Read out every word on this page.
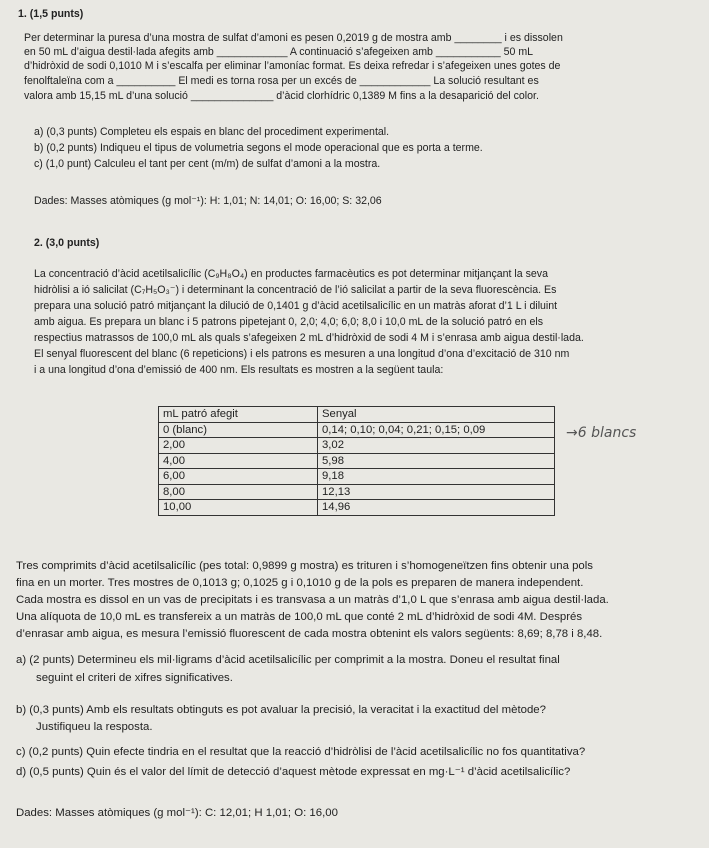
1. (1,5 punts)
Per determinar la puresa d’una mostra de sulfat d’amoni es pesen 0,2019 g de mostra amb ________ i es dissolen
en 50 mL d’aigua destil·lada afegits amb ____________ A continuació s’afegeixen amb ___________ 50 mL
d’hidròxid de sodi 0,1010 M i s’escalfa per eliminar l’amoníac format. Es deixa refredar i s’afegeixen unes gotes de
fenolftaleïna com a __________ El medi es torna rosa per un excés de ____________ La solució resultant es
valora amb 15,15 mL d’una solució ______________ d’àcid clorhídric 0,1389 M fins a la desaparició del color.
a) (0,3 punts) Completeu els espais en blanc del procediment experimental.
b) (0,2 punts) Indiqueu el tipus de volumetria segons el mode operacional que es porta a terme.
c) (1,0 punt) Calculeu el tant per cent (m/m) de sulfat d’amoni a la mostra.
Dades: Masses atòmiques (g mol⁻¹): H: 1,01; N: 14,01; O: 16,00; S: 32,06
2. (3,0 punts)
La concentració d’àcid acetilsalicílic (C₉H₈O₄) en productes farmacèutics es pot determinar mitjançant la seva
hidròlisi a ió salicilat (C₇H₅O₃⁻) i determinant la concentració de l’ió salicilat a partir de la seva fluorescència. Es
prepara una solució patró mitjançant la dilució de 0,1401 g d’àcid acetilsalicílic en un matràs aforat d’1 L i diluint
amb aigua. Es prepara un blanc i 5 patrons pipetejant 0, 2,0; 4,0; 6,0; 8,0 i 10,0 mL de la solució patró en els
respectius matrassos de 100,0 mL als quals s’afegeixen 2 mL d’hidròxid de sodi 4 M i s’enrasa amb aigua destil·lada.
El senyal fluorescent del blanc (6 repeticions) i els patrons es mesuren a una longitud d’ona d’excitació de 310 nm
i a una longitud d’ona d’emissió de 400 nm. Els resultats es mostren a la següent taula:
mL patró afegit	Senyal
0 (blanc)	0,14; 0,10; 0,04; 0,21; 0,15; 0,09
2,00	3,02
4,00	5,98
6,00	9,18
8,00	12,13
10,00	14,96
→6 blancs
Tres comprimits d’àcid acetilsalicílic (pes total: 0,9899 g mostra) es trituren i s’homogeneïtzen fins obtenir una pols
fina en un morter. Tres mostres de 0,1013 g; 0,1025 g i 0,1010 g de la pols es preparen de manera independent.
Cada mostra es dissol en un vas de precipitats i es transvasa a un matràs d’1,0 L que s’enrasa amb aigua destil·lada.
Una alíquota de 10,0 mL es transfereix a un matràs de 100,0 mL que conté 2 mL d’hidròxid de sodi 4M. Després
d’enrasar amb aigua, es mesura l’emissió fluorescent de cada mostra obtenint els valors següents: 8,69; 8,78 i 8,48.
a) (2 punts) Determineu els mil·ligrams d’àcid acetilsalicílic per comprimit a la mostra. Doneu el resultat final
seguint el criteri de xifres significatives.
b) (0,3 punts) Amb els resultats obtinguts es pot avaluar la precisió, la veracitat i la exactitud del mètode?
Justifiqueu la resposta.
c) (0,2 punts) Quin efecte tindria en el resultat que la reacció d’hidròlisi de l’àcid acetilsalicílic no fos quantitativa?
d) (0,5 punts) Quin és el valor del límit de detecció d’aquest mètode expressat en mg·L⁻¹ d’àcid acetilsalicílic?
Dades: Masses atòmiques (g mol⁻¹): C: 12,01; H 1,01; O: 16,00
